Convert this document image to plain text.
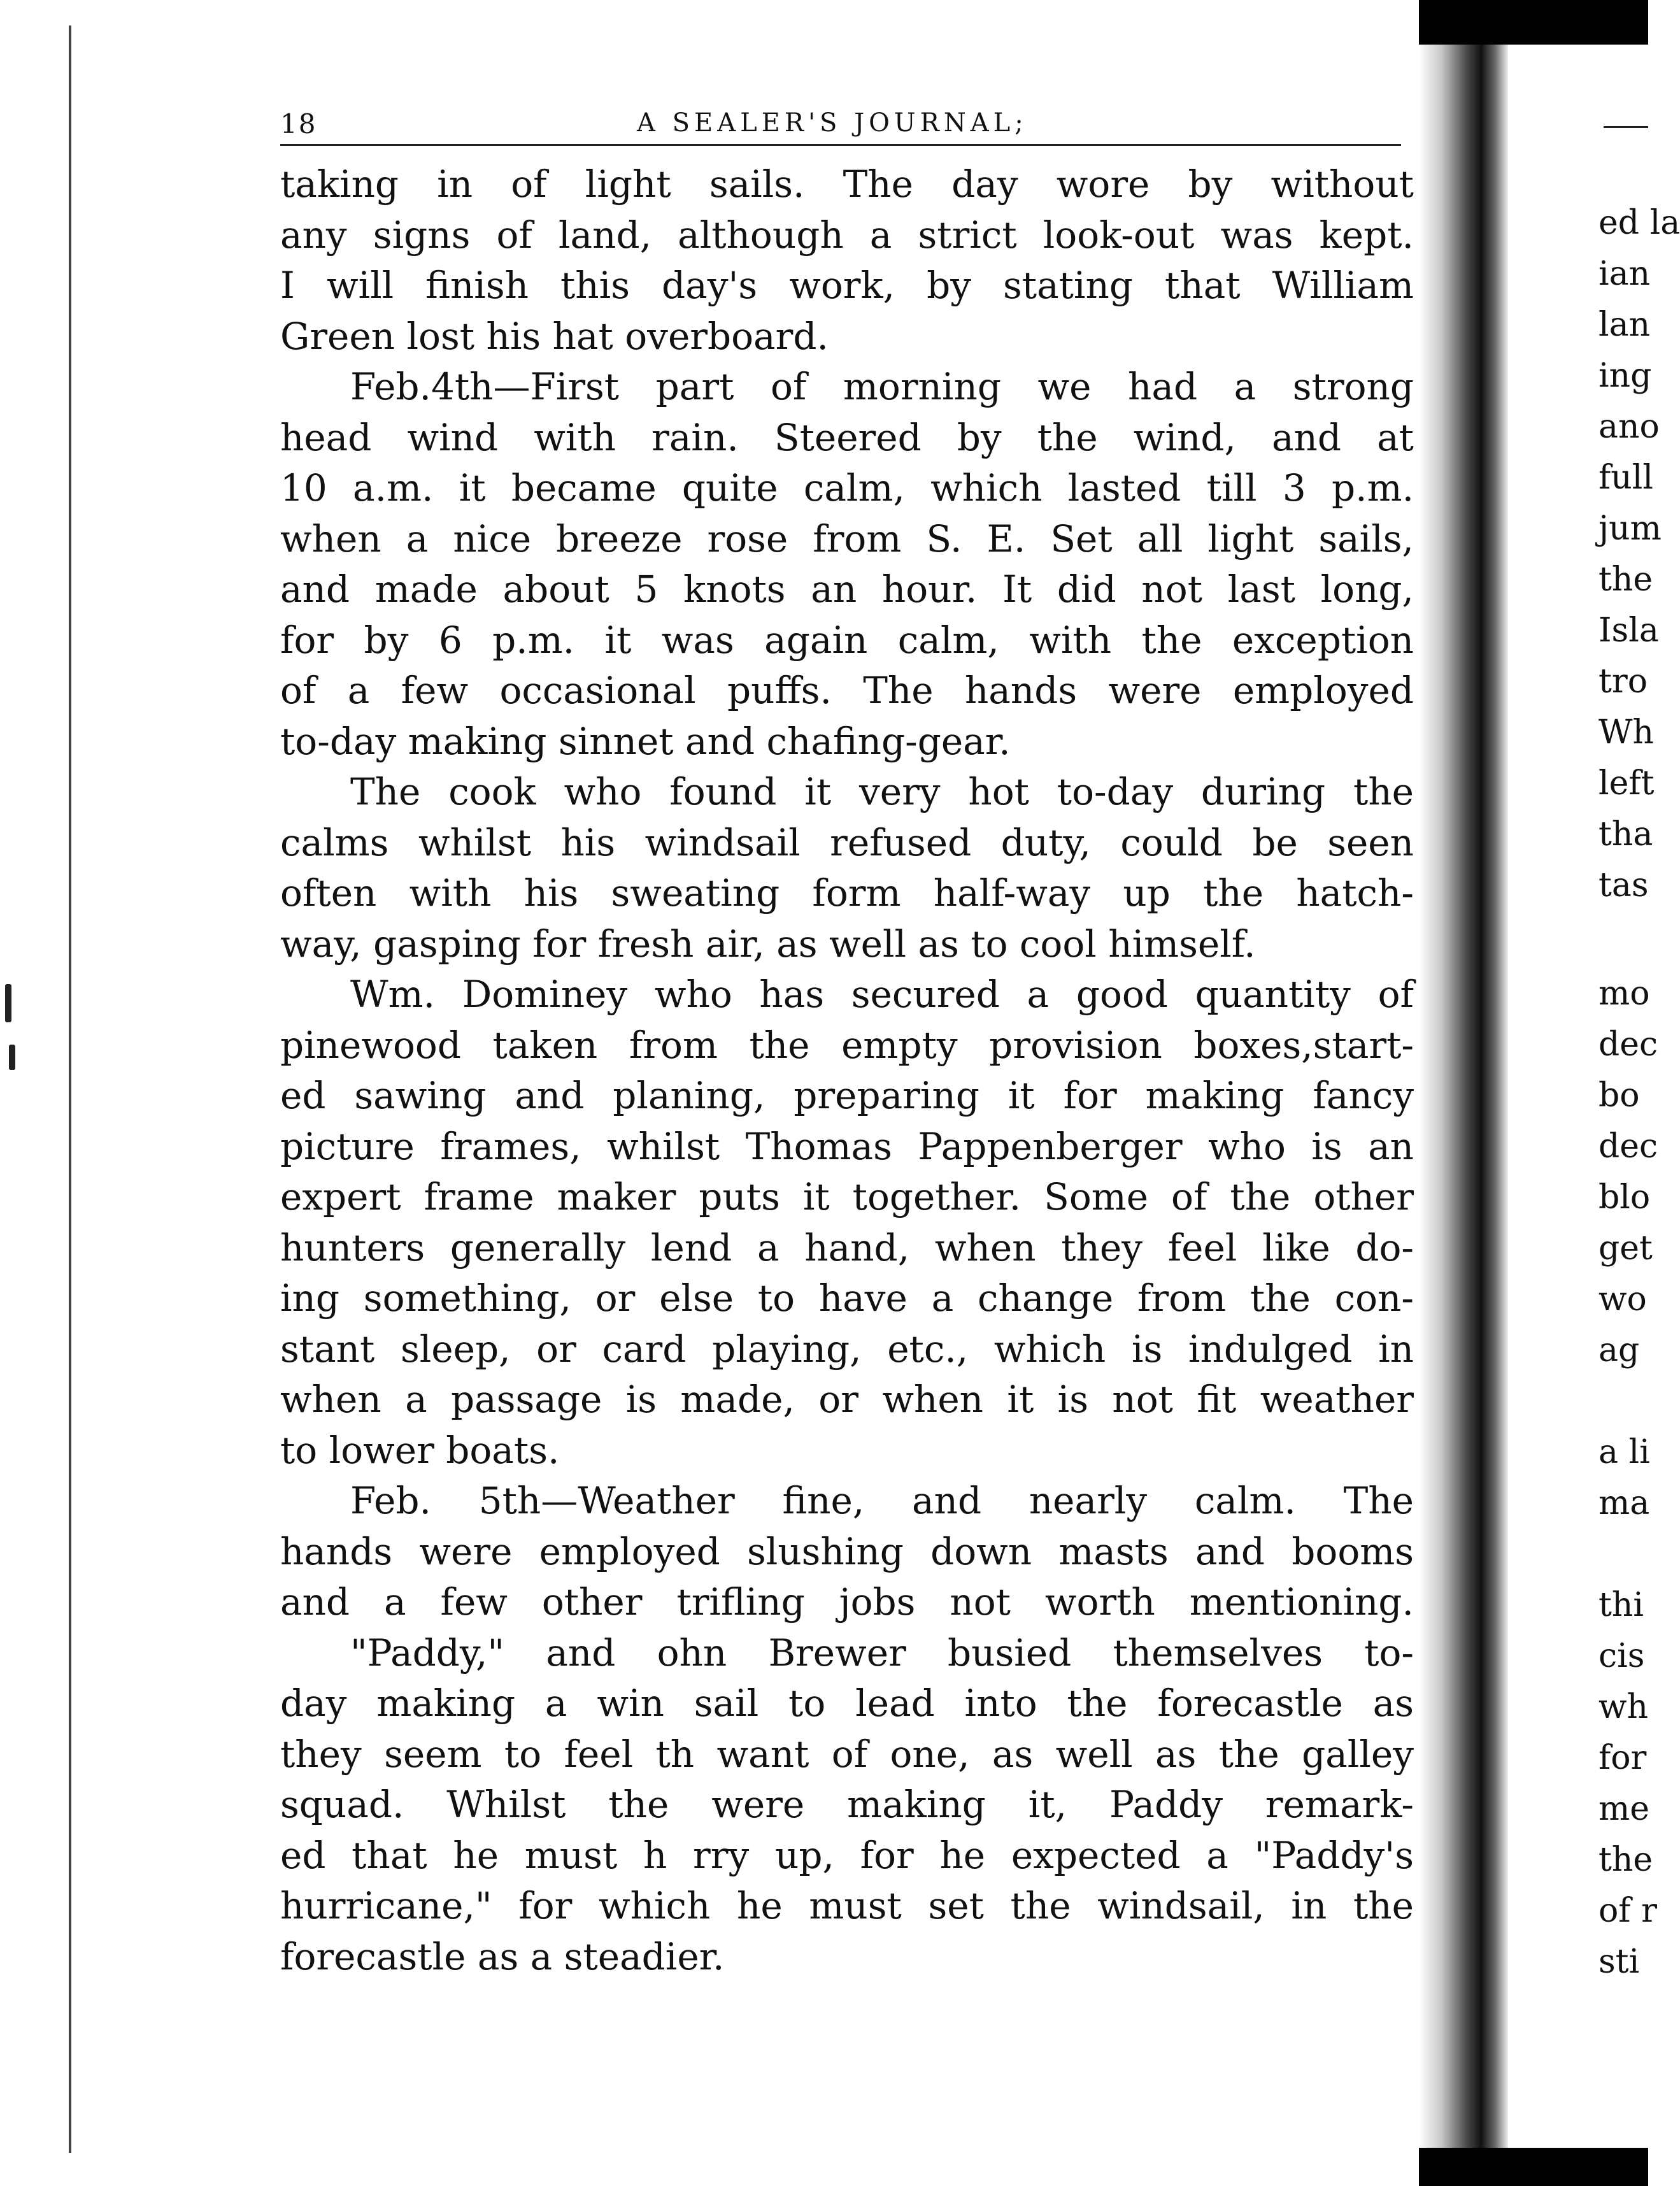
18	A SEALER'S JOURNAL;
taking in of light sails. The day wore by without
any signs of land, although a strict look-out was kept.
I will finish this day's work, by stating that William
Green lost his hat overboard.
Feb.4th—First part of morning we had a strong
head wind with rain. Steered by the wind, and at
10 a.m. it became quite calm, which lasted till 3 p.m.
when a nice breeze rose from S. E. Set all light sails,
and made about 5 knots an hour. It did not last long,
for by 6 p.m. it was again calm, with the exception
of a few occasional puffs. The hands were employed
to-day making sinnet and chafing-gear.
The cook who found it very hot to-day during the
calms whilst his windsail refused duty, could be seen
often with his sweating form half-way up the hatch-
way, gasping for fresh air, as well as to cool himself.
Wm. Dominey who has secured a good quantity of
pinewood taken from the empty provision boxes,start-
ed sawing and planing, preparing it for making fancy
picture frames, whilst Thomas Pappenberger who is an
expert frame maker puts it together. Some of the other
hunters generally lend a hand, when they feel like do-
ing something, or else to have a change from the con-
stant sleep, or card playing, etc., which is indulged in
when a passage is made, or when it is not fit weather
to lower boats.
Feb. 5th—Weather fine, and nearly calm. The
hands were employed slushing down masts and booms
and a few other trifling jobs not worth mentioning.
"Paddy," and ohn Brewer busied themselves to-
day making a win sail to lead into the forecastle as
they seem to feel th want of one, as well as the galley
squad. Whilst the were making it, Paddy remark-
ed that he must h rry up, for he expected a "Paddy's
hurricane," for which he must set the windsail, in the
forecastle as a steadier.
ed la
ian
lan
ing
ano
full
jum
the
Isla
tro
Wh
left
tha
tas
mo
dec
bo
dec
blo
get
wo
ag
a li
ma
thi
cis
wh
for
me
the
of r
sti
